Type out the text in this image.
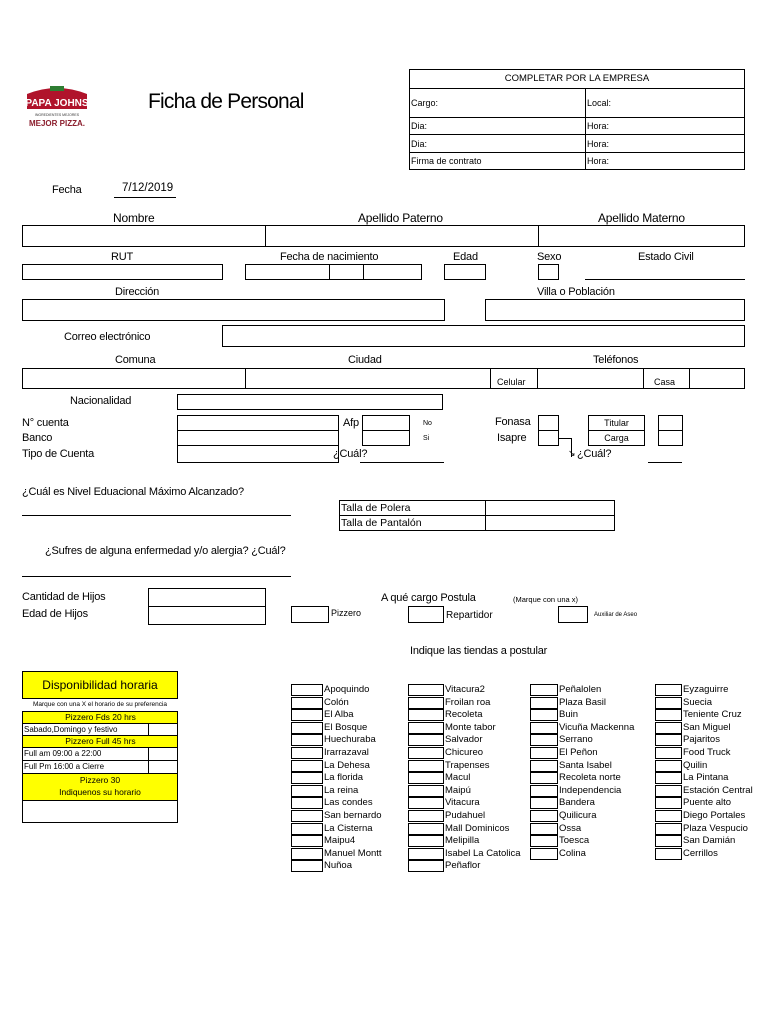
PAPA JOHNS
INGREDIENTES MEJORES
MEJOR PIZZA.
Ficha de Personal
COMPLETAR POR LA EMPRESA
Cargo:	Local:
Dia:	Hora:
Dia:	Hora:
Firma de contrato	Hora:
Fecha	7/12/2019
Nombre	Apellido Paterno	Apellido Materno
RUT	Fecha de nacimiento	Edad	Sexo	Estado Civil
Dirección	Villa o Población
Correo electrónico
Comuna	Ciudad	Teléfonos
Celular	Casa
Nacionalidad
N° cuenta
Banco
Tipo de Cuenta
Afp	No
Si
¿Cuál?
Fonasa
Isapre
↘ ¿Cuál?
Titular
Carga
¿Cuál es Nivel Eduacional Máximo Alcanzado?
Talla de Polera
Talla de Pantalón
¿Sufres de alguna enfermedad y/o alergia? ¿Cuál?
Cantidad de Hijos
Edad de Hijos
A qué cargo Postula	(Marque con una x)
Pizzero	Repartidor	Auxiliar de Aseo
Indique las tiendas a postular
Disponibilidad horaria
Marque con una X el horario de su preferencia
Pizzero Fds 20 hrs
Sabado,Domingo y festivo
Pizzero Full 45 hrs
Full am 09:00 a 22:00
Full Pm 16:00 a Cierre
Pizzero 30
Indiquenos su horario
Apoquindo
Colón
El Alba
El Bosque
Huechuraba
Irarrazaval
La Dehesa
La florida
La reina
Las condes
San bernardo
La Cisterna
Maipu4
Manuel Montt
Nuñoa
Vitacura2
Froilan roa
Recoleta
Monte tabor
Salvador
Chicureo
Trapenses
Macul
Maipú
Vitacura
Pudahuel
Mall Dominicos
Melipilla
Isabel La Catolica
Peñaflor
Peñalolen
Plaza Basil
Buin
Vicuña Mackenna
Serrano
El Peñon
Santa Isabel
Recoleta norte
Independencia
Bandera
Quilicura
Ossa
Toesca
Colina
Eyzaguirre
Suecia
Teniente Cruz
San Miguel
Pajaritos
Food Truck
Quilin
La Pintana
Estación Central
Puente alto
Diego Portales
Plaza Vespucio
San Damián
Cerrillos
